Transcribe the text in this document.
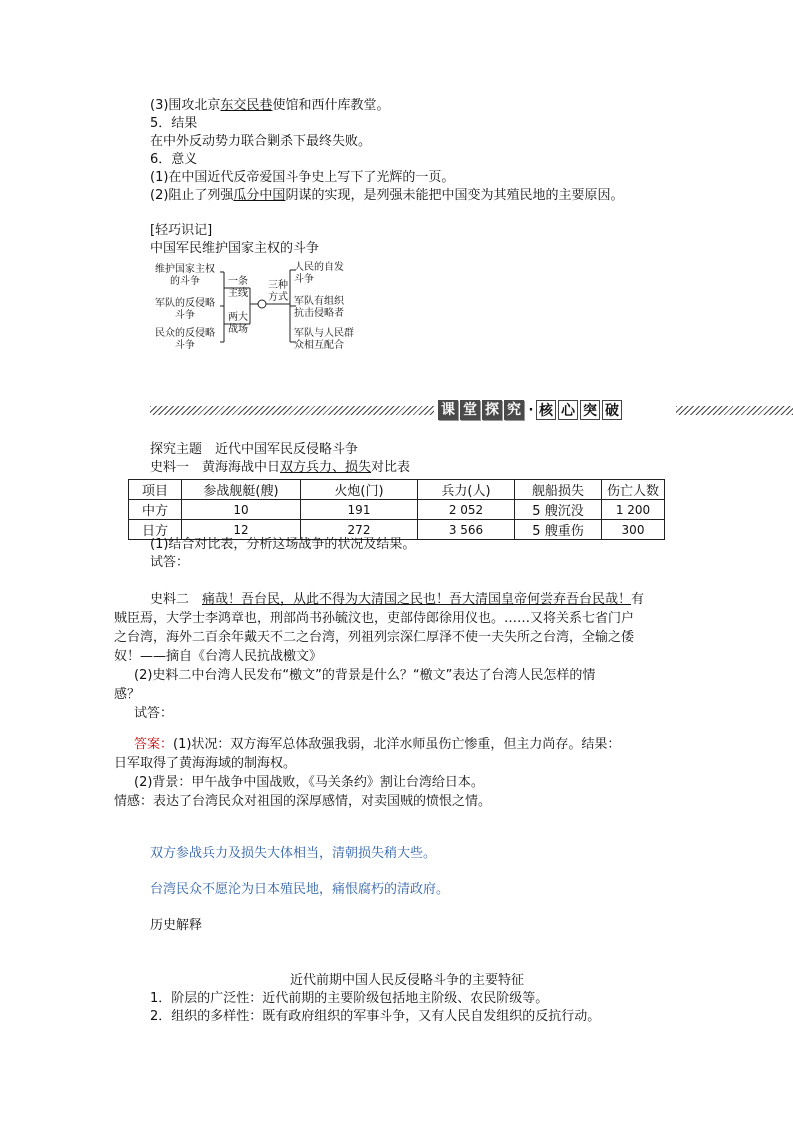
(3)围攻北京东交民巷使馆和西什库教堂。
5．结果
在中外反动势力联合剿杀下最终失败。
6．意义
(1)在中国近代反帝爱国斗争史上写下了光辉的一页。
(2)阻止了列强瓜分中国阴谋的实现，是列强未能把中国变为其殖民地的主要原因。
[轻巧识记]
中国军民维护国家主权的斗争
维护国家主权
的斗争
军队的反侵略
斗争
民众的反侵略
斗争
一条
主线
两大
战场
三种
方式
人民的自发
斗争
军队有组织
抗击侵略者
军队与人民群
众相互配合
课 堂 探 究 · 核 心 突 破
探究主题　近代中国军民反侵略斗争
史料一　黄海海战中日双方兵力、损失对比表
项目	参战舰艇(艘)	火炮(门)	兵力(人)	舰船损失	伤亡人数
中方	10	191	2 052	5 艘沉没	1 200
日方	12	272	3 566	5 艘重伤	300
(1)结合对比表，分析这场战争的状况及结果。
试答：
史料二　痛哉！吾台民，从此不得为大清国之民也！吾大清国皇帝何尝弃吾台民哉！有
贼臣焉，大学士李鸿章也，刑部尚书孙毓汶也，吏部侍郎徐用仪也。……又将关系七省门户
之台湾，海外二百余年戴天不二之台湾，列祖列宗深仁厚泽不使一夫失所之台湾，全输之倭
奴！——摘自《台湾人民抗战檄文》
(2)史料二中台湾人民发布“檄文”的背景是什么？“檄文”表达了台湾人民怎样的情
感？
试答：
答案：(1)状况：双方海军总体敌强我弱，北洋水师虽伤亡惨重，但主力尚存。结果：
日军取得了黄海海域的制海权。
(2)背景：甲午战争中国战败，《马关条约》割让台湾给日本。
情感：表达了台湾民众对祖国的深厚感情，对卖国贼的愤恨之情。
双方参战兵力及损失大体相当，清朝损失稍大些。
台湾民众不愿沦为日本殖民地，痛恨腐朽的清政府。
历史解释
近代前期中国人民反侵略斗争的主要特征
1．阶层的广泛性：近代前期的主要阶级包括地主阶级、农民阶级等。
2．组织的多样性：既有政府组织的军事斗争，又有人民自发组织的反抗行动。
